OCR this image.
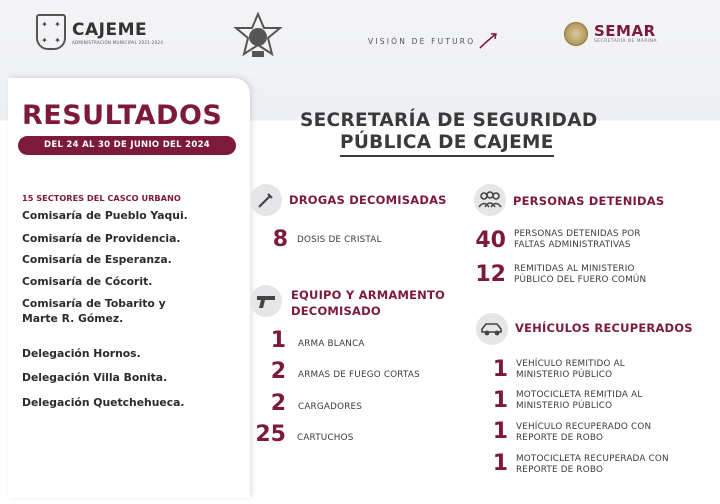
✦ ✦
✦ ✦
CAJEME
ADMINISTRACIÓN MUNICIPAL 2021-2024	VISIÓN DE FUTURO
SEMAR
SECRETARÍA DE MARINA
RESULTADOS
DEL 24 AL 30 DE JUNIO DEL 2024
15 SECTORES DEL CASCO URBANO
Comisaría de Pueblo Yaqui.
Comisaría de Providencia.
Comisaría de Esperanza.
Comisaría de Cócorit.
Comisaría de Tobarito y
Marte R. Gómez.
Delegación Hornos.
Delegación Villa Bonita.
Delegación Quetchehueca.
SECRETARÍA DE SEGURIDAD
PÚBLICA DE CAJEME
DROGAS DECOMISADAS
8 DOSIS DE CRISTAL
EQUIPO Y ARMAMENTO
DECOMISADO
1 ARMA BLANCA
2 ARMAS DE FUEGO CORTAS
2 CARGADORES
25 CARTUCHOS
PERSONAS DETENIDAS
40 PERSONAS DETENIDAS POR
FALTAS ADMINISTRATIVAS
12 REMITIDAS AL MINISTERIO
PÚBLICO DEL FUERO COMÚN
VEHÍCULOS RECUPERADOS
1 VEHÍCULO REMITIDO AL
MINISTERIO PÚBLICO
1 MOTOCICLETA REMITIDA AL
MINISTERIO PÚBLICO
1 VEHÍCULO RECUPERADO CON
REPORTE DE ROBO
1 MOTOCICLETA RECUPERADA CON
REPORTE DE ROBO
